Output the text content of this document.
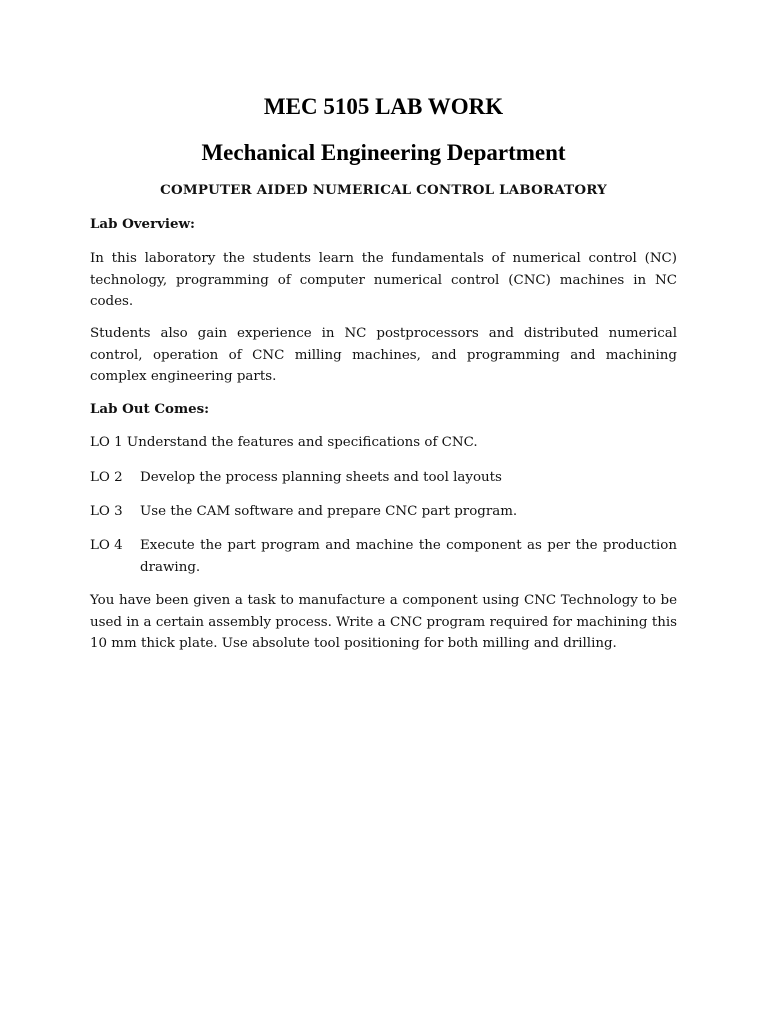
MEC 5105 LAB WORK
Mechanical Engineering Department
COMPUTER AIDED NUMERICAL CONTROL LABORATORY
Lab Overview:
In this laboratory the students learn the fundamentals of numerical control (NC) technology, programming of computer numerical control (CNC) machines in NC codes.
Students also gain experience in NC postprocessors and distributed numerical control, operation of CNC milling machines, and programming and machining complex engineering parts.
Lab Out Comes:
LO 1 Understand the features and specifications of CNC.
LO 2 Develop the process planning sheets and tool layouts
LO 3 Use the CAM software and prepare CNC part program.
LO 4 Execute the part program and machine the component as per the production drawing.
You have been given a task to manufacture a component using CNC Technology to be used in a certain assembly process. Write a CNC program required for machining this 10 mm thick plate. Use absolute tool positioning for both milling and drilling.
